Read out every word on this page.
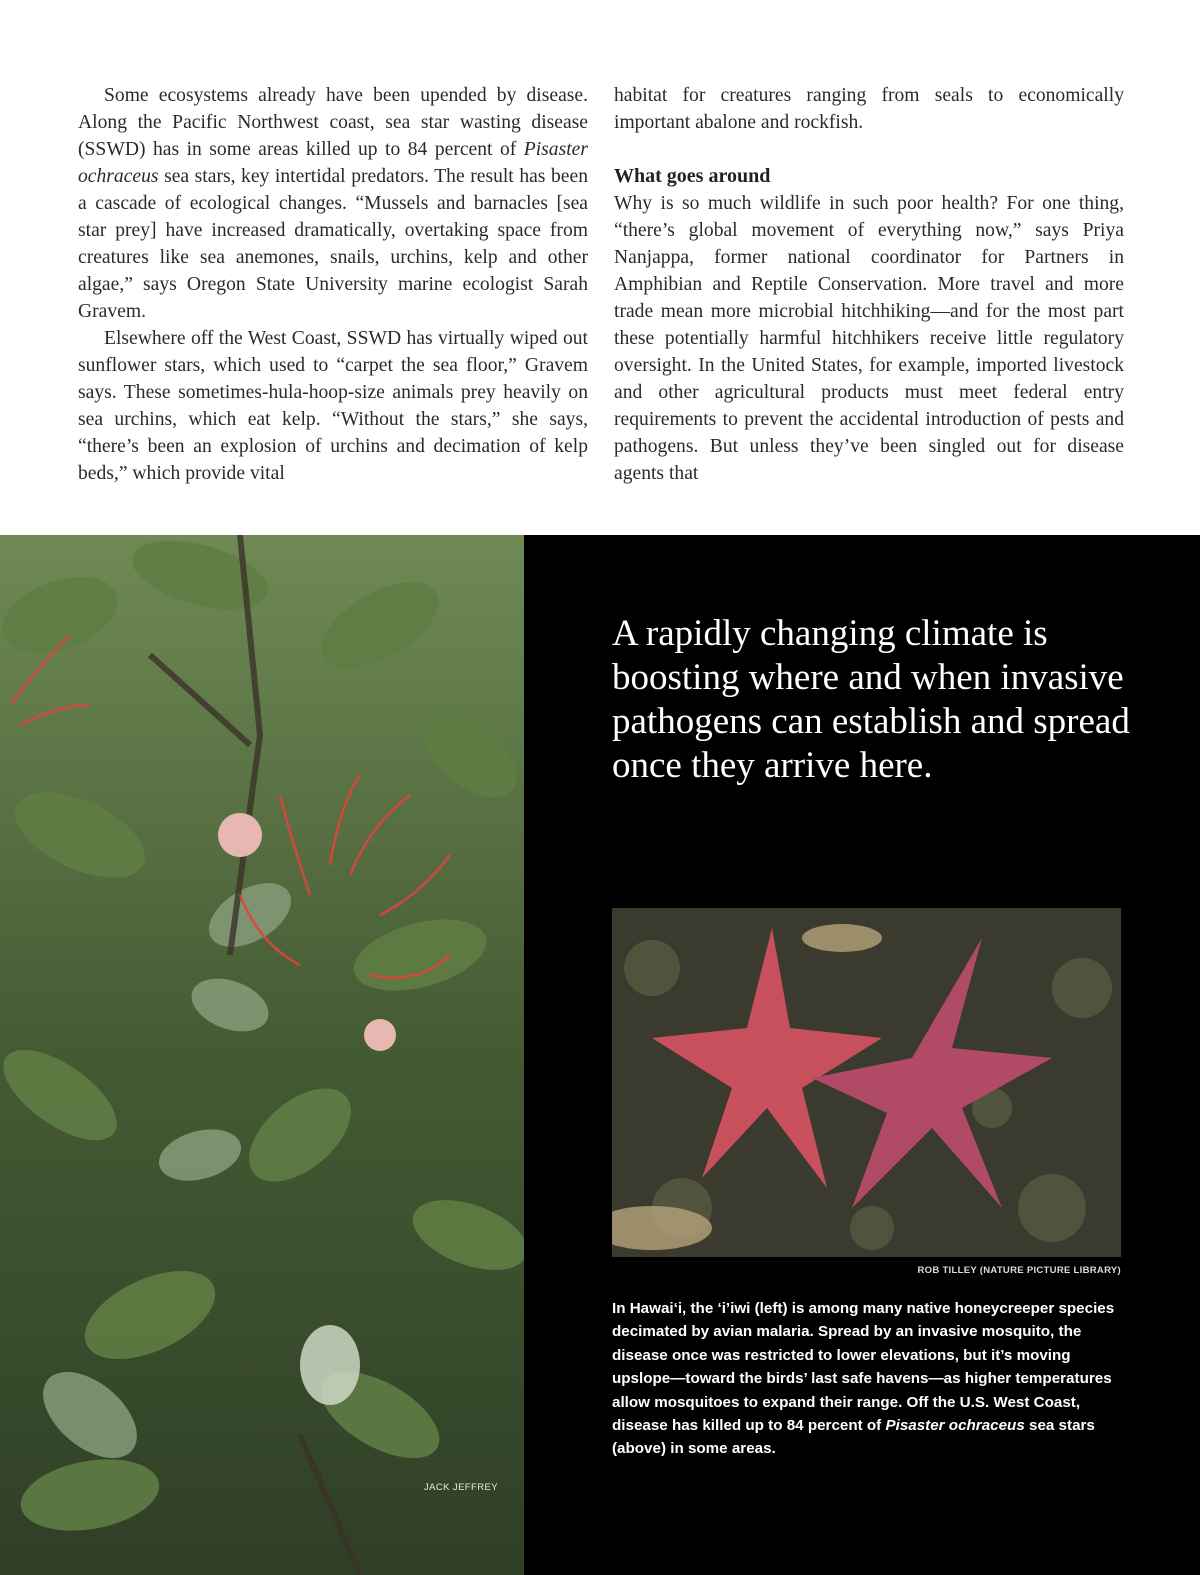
Some ecosystems already have been upended by disease. Along the Pacific Northwest coast, sea star wasting disease (SSWD) has in some areas killed up to 84 percent of Pisaster ochraceus sea stars, key intertidal predators. The result has been a cascade of ecological changes. “Mussels and barnacles [sea star prey] have increased dramatically, overtaking space from creatures like sea anemones, snails, urchins, kelp and other algae,” says Oregon State University marine ecologist Sarah Gravem.

Elsewhere off the West Coast, SSWD has virtually wiped out sunflower stars, which used to “carpet the sea floor,” Gravem says. These sometimes-hula-hoop-size animals prey heavily on sea urchins, which eat kelp. “Without the stars,” she says, “there’s been an explosion of urchins and decimation of kelp beds,” which provide vital

habitat for creatures ranging from seals to economically important abalone and rockfish.

What goes around

Why is so much wildlife in such poor health? For one thing, “there’s global movement of everything now,” says Priya Nanjappa, former national coordinator for Partners in Amphibian and Reptile Conservation. More travel and more trade mean more microbial hitchhiking—and for the most part these potentially harmful hitchhikers receive little regulatory oversight. In the United States, for example, imported livestock and other agricultural products must meet federal entry requirements to prevent the accidental introduction of pests and pathogens. But unless they’ve been singled out for disease agents that

JACK JEFFREY
A rapidly changing climate is boosting where and when invasive pathogens can establish and spread once they arrive here.
ROB TILLEY (NATURE PICTURE LIBRARY)
In Hawai‘i, the ‘i’iwi (left) is among many native honeycreeper species decimated by avian malaria. Spread by an invasive mosquito, the disease once was restricted to lower elevations, but it’s moving upslope—toward the birds’ last safe havens—as higher temperatures allow mosquitoes to expand their range. Off the U.S. West Coast, disease has killed up to 84 percent of Pisaster ochraceus sea stars (above) in some areas.
